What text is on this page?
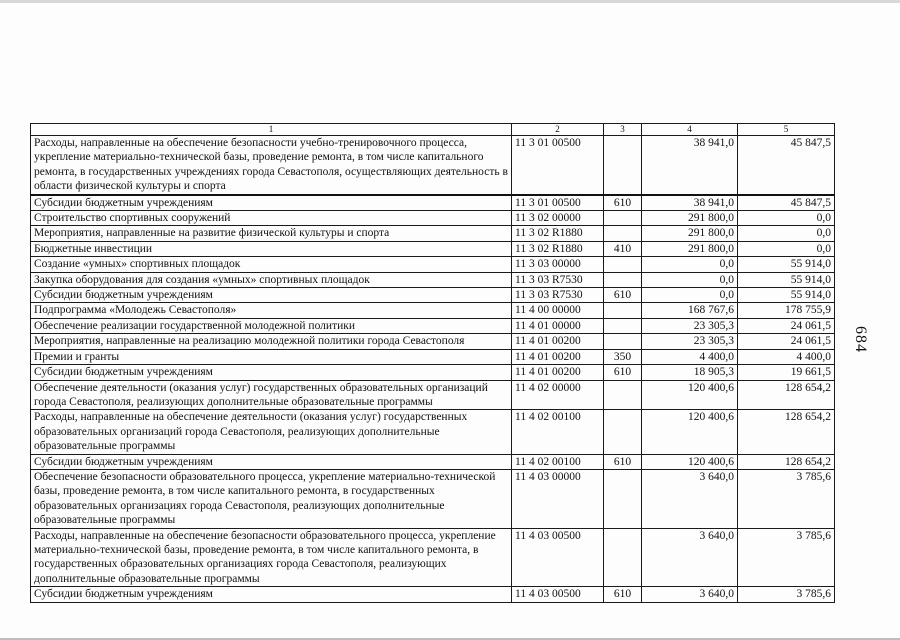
1	2	3	4	5
Расходы, направленные на обеспечение безопасности учебно-тренировочного процесса, укрепление материально-технической базы, проведение ремонта, в том числе капитального ремонта, в государственных учреждениях города Севастополя, осуществляющих деятельность в области физической культуры и спорта	11 3 01 00500		38 941,0	45 847,5
Субсидии бюджетным учреждениям	11 3 01 00500	610	38 941,0	45 847,5
Строительство спортивных сооружений	11 3 02 00000		291 800,0	0,0
Мероприятия, направленные на развитие физической культуры и спорта	11 3 02 R1880		291 800,0	0,0
Бюджетные инвестиции	11 3 02 R1880	410	291 800,0	0,0
Создание «умных» спортивных площадок	11 3 03 00000		0,0	55 914,0
Закупка оборудования для создания «умных» спортивных площадок	11 3 03 R7530		0,0	55 914,0
Субсидии бюджетным учреждениям	11 3 03 R7530	610	0,0	55 914,0
Подпрограмма «Молодежь Севастополя»	11 4 00 00000		168 767,6	178 755,9
Обеспечение реализации государственной молодежной политики	11 4 01 00000		23 305,3	24 061,5
Мероприятия, направленные на реализацию молодежной политики города Севастополя	11 4 01 00200		23 305,3	24 061,5
Премии и гранты	11 4 01 00200	350	4 400,0	4 400,0
Субсидии бюджетным учреждениям	11 4 01 00200	610	18 905,3	19 661,5
Обеспечение деятельности (оказания услуг) государственных образовательных организаций города Севастополя, реализующих дополнительные образовательные программы	11 4 02 00000		120 400,6	128 654,2
Расходы, направленные на обеспечение деятельности (оказания услуг) государственных образовательных организаций города Севастополя, реализующих дополнительные образовательные программы	11 4 02 00100		120 400,6	128 654,2
Субсидии бюджетным учреждениям	11 4 02 00100	610	120 400,6	128 654,2
Обеспечение безопасности образовательного процесса, укрепление материально-технической базы, проведение ремонта, в том числе капитального ремонта, в государственных образовательных организациях города Севастополя, реализующих дополнительные образовательные программы	11 4 03 00000		3 640,0	3 785,6
Расходы, направленные на обеспечение безопасности образовательного процесса, укрепление материально-технической базы, проведение ремонта, в том числе капитального ремонта, в государственных образовательных организациях города Севастополя, реализующих дополнительные образовательные программы	11 4 03 00500		3 640,0	3 785,6
Субсидии бюджетным учреждениям	11 4 03 00500	610	3 640,0	3 785,6
684
